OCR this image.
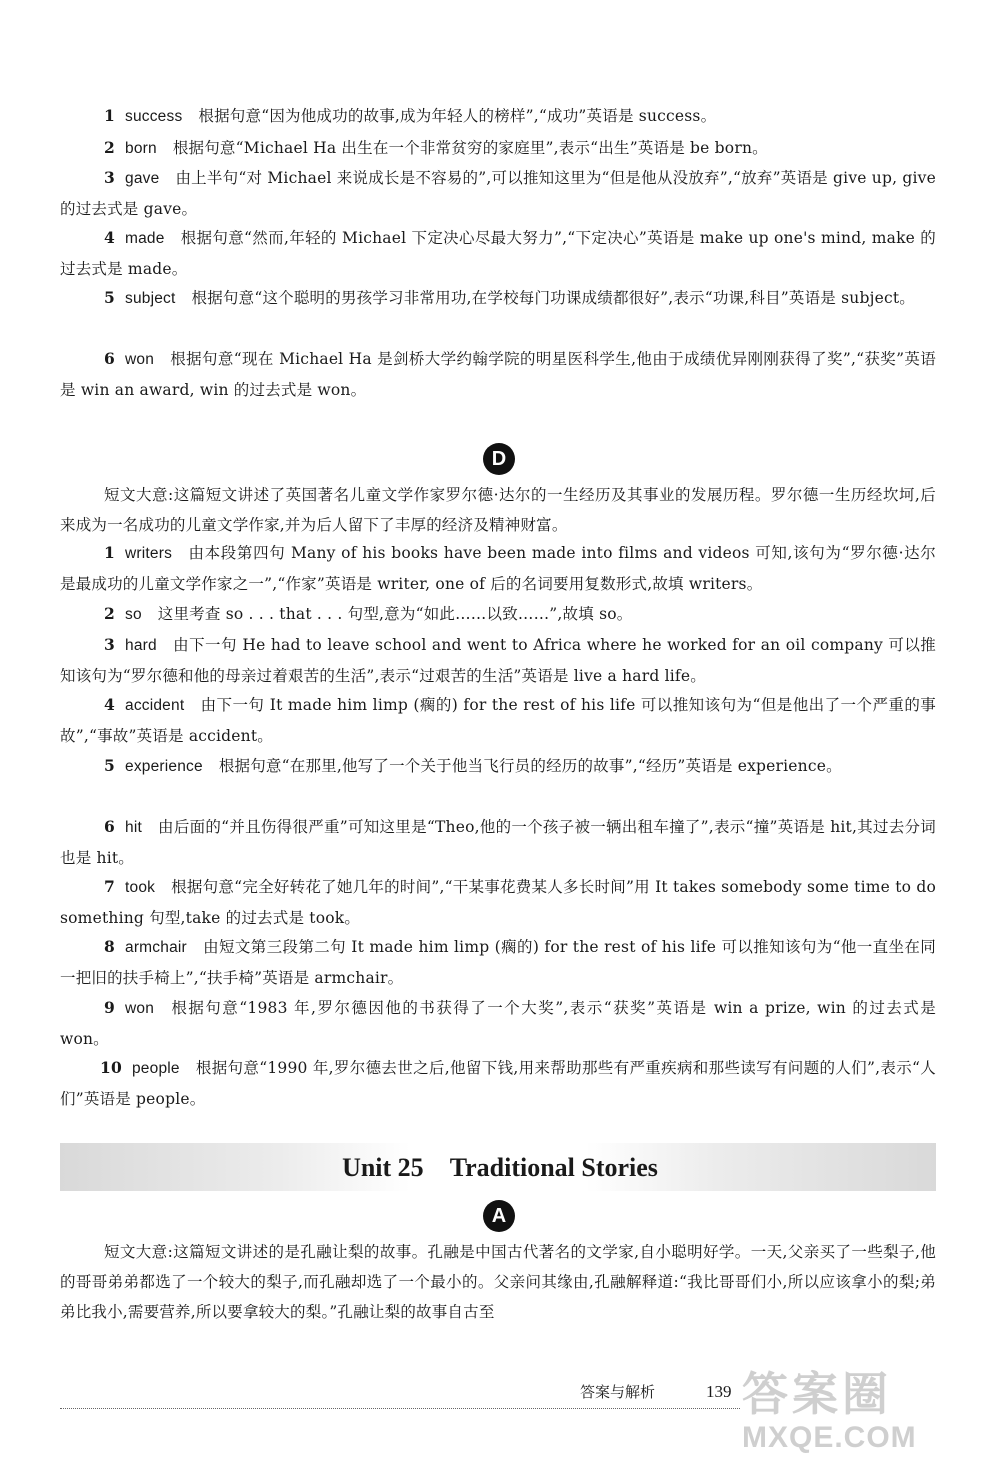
1 success 根据句意“因为他成功的故事,成为年轻人的榜样”,“成功”英语是 success。
2 born 根据句意“Michael Ha 出生在一个非常贫穷的家庭里”,表示“出生”英语是 be born。
3 gave 由上半句“对 Michael 来说成长是不容易的”,可以推知这里为“但是他从没放弃”,“放弃”英语是 give up, give 的过去式是 gave。
4 made 根据句意“然而,年轻的 Michael 下定决心尽最大努力”,“下定决心”英语是 make up one's mind, make 的过去式是 made。
5 subject 根据句意“这个聪明的男孩学习非常用功,在学校每门功课成绩都很好”,表示“功课,科目”英语是 subject。
6 won 根据句意“现在 Michael Ha 是剑桥大学约翰学院的明星医科学生,他由于成绩优异刚刚获得了奖”,“获奖”英语是 win an award, win 的过去式是 won。
D
短文大意:这篇短文讲述了英国著名儿童文学作家罗尔德·达尔的一生经历及其事业的发展历程。罗尔德一生历经坎坷,后来成为一名成功的儿童文学作家,并为后人留下了丰厚的经济及精神财富。
1 writers 由本段第四句 Many of his books have been made into films and videos 可知,该句为“罗尔德·达尔是最成功的儿童文学作家之一”,“作家”英语是 writer, one of 后的名词要用复数形式,故填 writers。
2 so 这里考查 so . . . that . . . 句型,意为“如此……以致……”,故填 so。
3 hard 由下一句 He had to leave school and went to Africa where he worked for an oil company 可以推知该句为“罗尔德和他的母亲过着艰苦的生活”,表示“过艰苦的生活”英语是 live a hard life。
4 accident 由下一句 It made him limp (瘸的) for the rest of his life 可以推知该句为“但是他出了一个严重的事故”,“事故”英语是 accident。
5 experience 根据句意“在那里,他写了一个关于他当飞行员的经历的故事”,“经历”英语是 experience。
6 hit 由后面的“并且伤得很严重”可知这里是“Theo,他的一个孩子被一辆出租车撞了”,表示“撞”英语是 hit,其过去分词也是 hit。
7 took 根据句意“完全好转花了她几年的时间”,“干某事花费某人多长时间”用 It takes somebody some time to do something 句型,take 的过去式是 took。
8 armchair 由短文第三段第二句 It made him limp (瘸的) for the rest of his life 可以推知该句为“他一直坐在同一把旧的扶手椅上”,“扶手椅”英语是 armchair。
9 won 根据句意“1983 年,罗尔德因他的书获得了一个大奖”,表示“获奖”英语是 win a prize, win 的过去式是 won。
10 people 根据句意“1990 年,罗尔德去世之后,他留下钱,用来帮助那些有严重疾病和那些读写有问题的人们”,表示“人们”英语是 people。
Unit 25 Traditional Stories
A
短文大意:这篇短文讲述的是孔融让梨的故事。孔融是中国古代著名的文学家,自小聪明好学。一天,父亲买了一些梨子,他的哥哥弟弟都选了一个较大的梨子,而孔融却选了一个最小的。父亲问其缘由,孔融解释道:“我比哥哥们小,所以应该拿小的梨;弟弟比我小,需要营养,所以要拿较大的梨。”孔融让梨的故事自古至
答案与解析	139 答案圈
MXQE.COM
